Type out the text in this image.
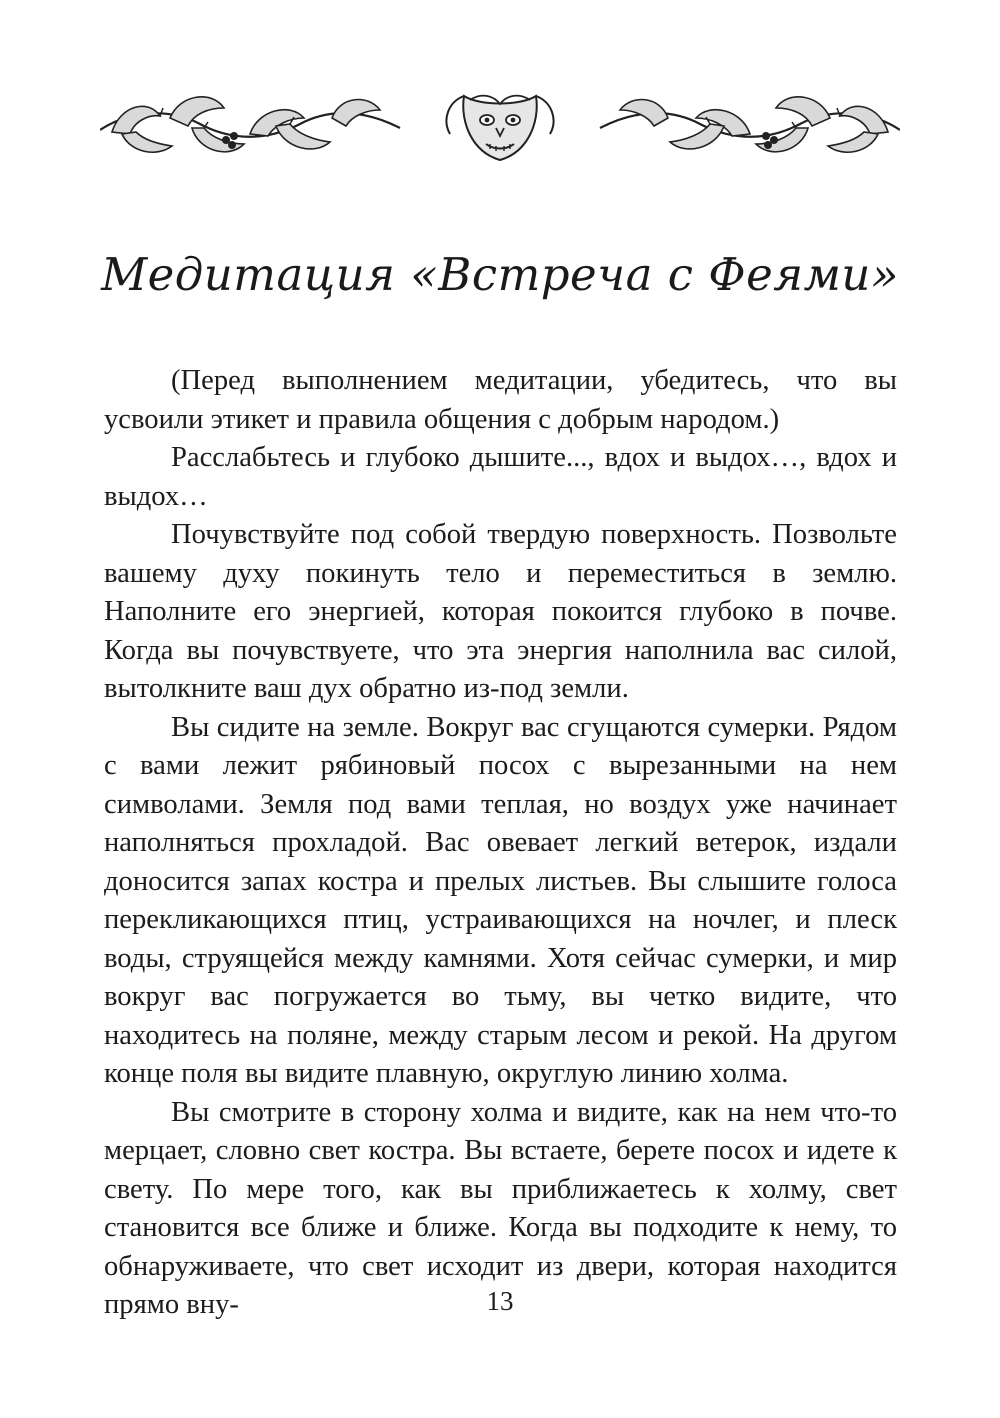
Медитация «Встреча с Феями»

(Перед выполнением медитации, убедитесь, что вы усвоили этикет и правила общения с добрым народом.)

Расслабьтесь и глубоко дышите..., вдох и выдох…, вдох и выдох…

Почувствуйте под собой твердую поверхность. Позвольте вашему духу покинуть тело и переместиться в землю. Наполните его энергией, которая покоится глубоко в почве. Когда вы почувствуете, что эта энергия наполнила вас силой, вытолкните ваш дух обратно из-под земли.

Вы сидите на земле. Вокруг вас сгущаются сумерки. Рядом с вами лежит рябиновый посох с вырезанными на нем символами. Земля под вами теплая, но воздух уже начинает наполняться прохладой. Вас овевает легкий ветерок, издали доносится запах костра и прелых листьев. Вы слышите голоса перекликающихся птиц, устраивающихся на ночлег, и плеск воды, струящейся между камнями. Хотя сейчас сумерки, и мир вокруг вас погружается во тьму, вы четко видите, что находитесь на поляне, между старым лесом и рекой. На другом конце поля вы видите плавную, округлую линию холма.

Вы смотрите в сторону холма и видите, как на нем что-то мерцает, словно свет костра. Вы встаете, берете посох и идете к свету. По мере того, как вы приближаетесь к холму, свет становится все ближе и ближе. Когда вы подходите к нему, то обнаруживаете, что свет исходит из двери, которая находится прямо вну-	13
